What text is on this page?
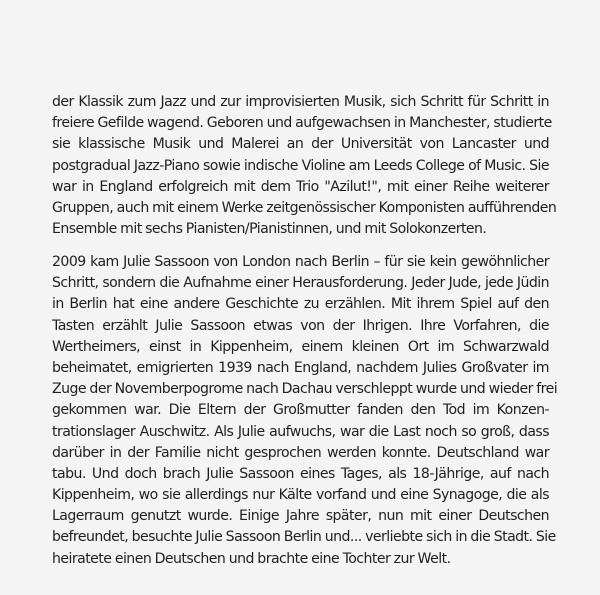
der Klassik zum Jazz und zur improvisierten Musik, sich Schritt für Schritt in
freiere Gefilde wagend. Geboren und aufgewachsen in Manchester, studierte
sie klassische Musik und Malerei an der Universität von Lancaster und
postgradual Jazz-Piano sowie indische Violine am Leeds College of Music. Sie
war in England erfolgreich mit dem Trio "Azilut!", mit einer Reihe weiterer
Gruppen, auch mit einem Werke zeitgenössischer Komponisten aufführenden
Ensemble mit sechs Pianisten/Pianistinnen, und mit Solokonzerten.
2009 kam Julie Sassoon von London nach Berlin – für sie kein gewöhnlicher
Schritt, sondern die Aufnahme einer Herausforderung. Jeder Jude, jede Jüdin
in Berlin hat eine andere Geschichte zu erzählen. Mit ihrem Spiel auf den
Tasten erzählt Julie Sassoon etwas von der Ihrigen. Ihre Vorfahren, die
Wertheimers, einst in Kippenheim, einem kleinen Ort im Schwarzwald
beheimatet, emigrierten 1939 nach England, nachdem Julies Großvater im
Zuge der Novemberpogrome nach Dachau verschleppt wurde und wieder frei
gekommen war. Die Eltern der Großmutter fanden den Tod im Konzen-
trationslager Auschwitz. Als Julie aufwuchs, war die Last noch so groß, dass
darüber in der Familie nicht gesprochen werden konnte. Deutschland war
tabu. Und doch brach Julie Sassoon eines Tages, als 18-Jährige, auf nach
Kippenheim, wo sie allerdings nur Kälte vorfand und eine Synagoge, die als
Lagerraum genutzt wurde. Einige Jahre später, nun mit einer Deutschen
befreundet, besuchte Julie Sassoon Berlin und... verliebte sich in die Stadt. Sie
heiratete einen Deutschen und brachte eine Tochter zur Welt.
